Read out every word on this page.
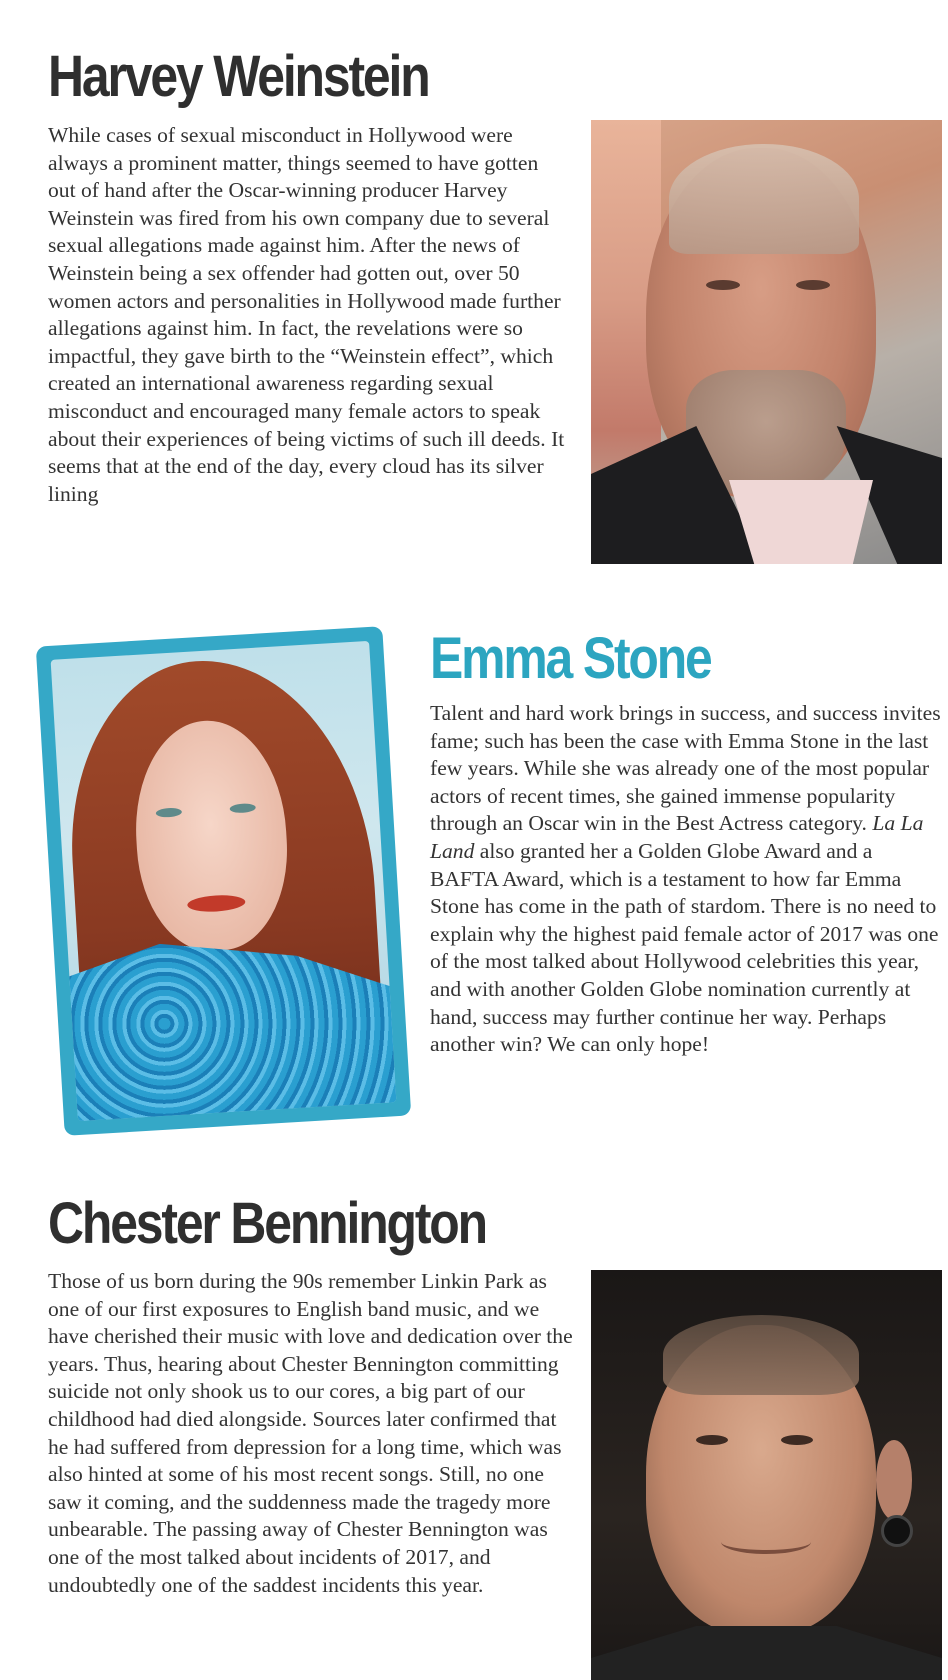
Harvey Weinstein

While cases of sexual misconduct in Hollywood were always a prominent matter, things seemed to have gotten out of hand after the Oscar-winning producer Harvey Weinstein was fired from his own company due to several sexual allegations made against him. After the news of Weinstein being a sex offender had gotten out, over 50 women actors and personalities in Hollywood made further allegations against him. In fact, the revelations were so impactful, they gave birth to the “Weinstein effect”, which created an international awareness regarding sexual misconduct and encouraged many female actors to speak about their experiences of being victims of such ill deeds. It seems that at the end of the day, every cloud has its silver lining

Emma Stone

Talent and hard work brings in success, and success invites fame; such has been the case with Emma Stone in the last few years. While she was already one of the most popular actors of recent times, she gained immense popularity through an Oscar win in the Best Actress category. La La Land also granted her a Golden Globe Award and a BAFTA Award, which is a testament to how far Emma Stone has come in the path of stardom. There is no need to explain why the highest paid female actor of 2017 was one of the most talked about Hollywood celebrities this year, and with another Golden Globe nomination currently at hand, success may further continue her way. Perhaps another win? We can only hope!

Chester Bennington

Those of us born during the 90s remember Linkin Park as one of our first exposures to English band music, and we have cherished their music with love and dedication over the years. Thus, hearing about Chester Bennington committing suicide not only shook us to our cores, a big part of our childhood had died alongside. Sources later confirmed that he had suffered from depression for a long time, which was also hinted at some of his most recent songs. Still, no one saw it coming, and the suddenness made the tragedy more unbearable. The passing away of Chester Bennington was one of the most talked about incidents of 2017, and undoubtedly one of the saddest incidents this year.
